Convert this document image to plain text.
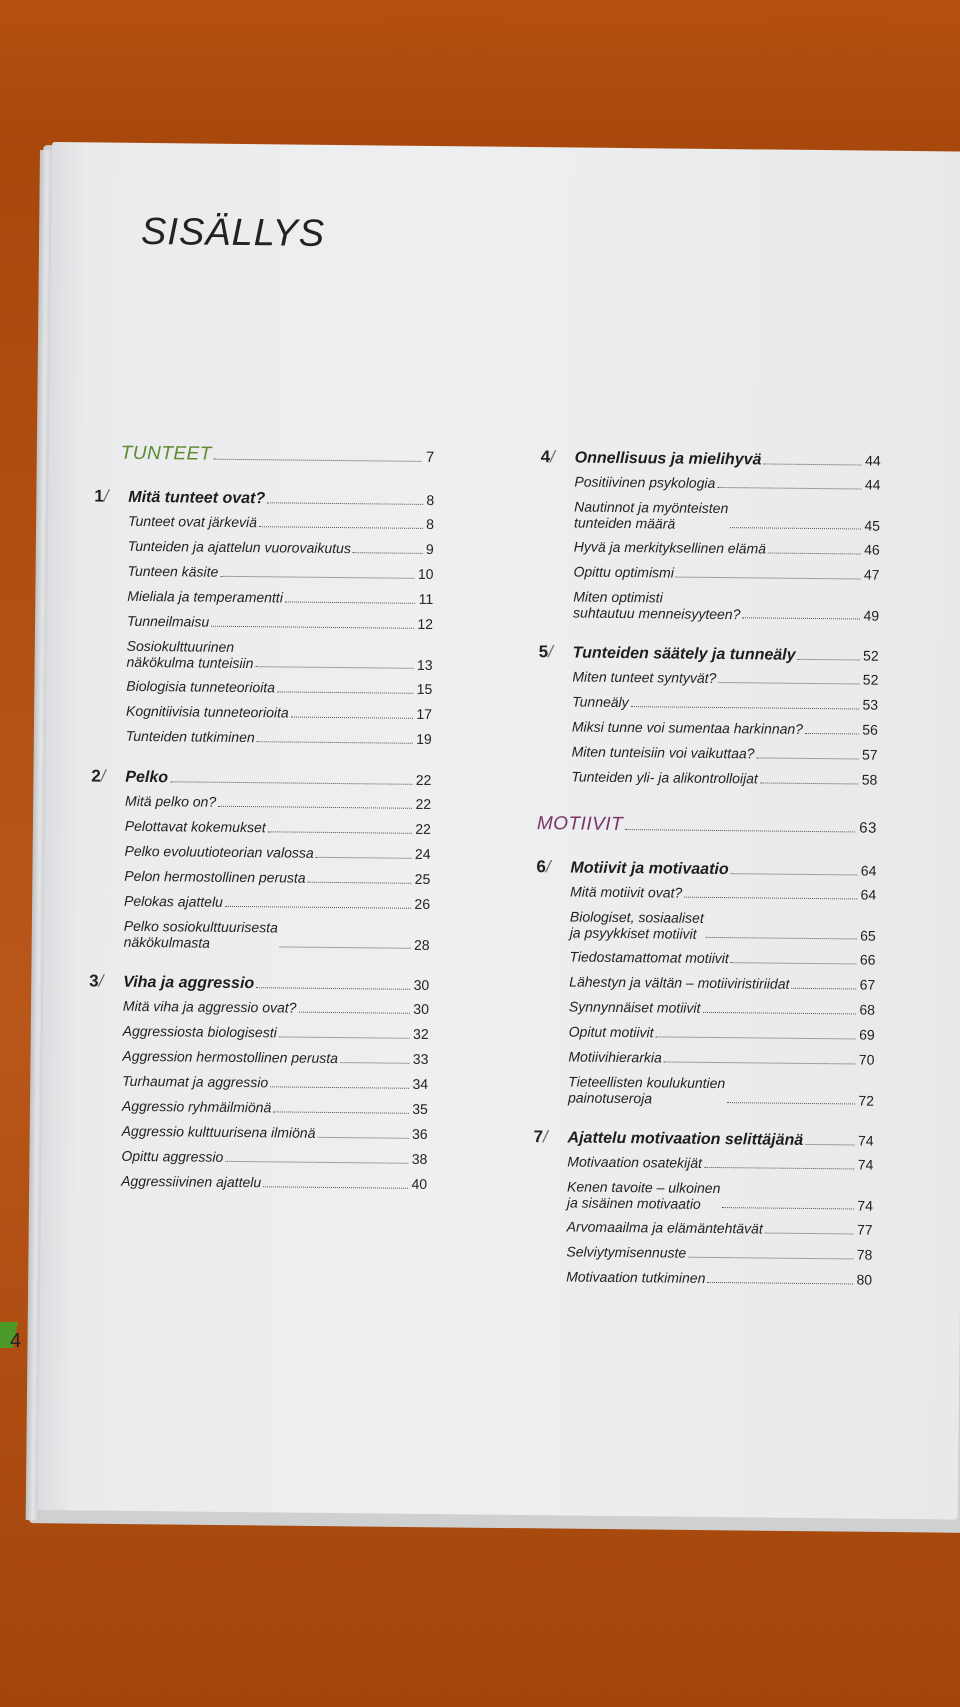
SISÄLLYS
TUNTEET	7
1/	Mitä tunteet ovat?	8
Tunteet ovat järkeviä	8
Tunteiden ja ajattelun vuorovaikutus	9
Tunteen käsite	10
Mieliala ja temperamentti	11
Tunneilmaisu	12
Sosiokulttuurinen
näkökulma tunteisiin	13
Biologisia tunneteorioita	15
Kognitiivisia tunneteorioita	17
Tunteiden tutkiminen	19
2/	Pelko	22
Mitä pelko on?	22
Pelottavat kokemukset	22
Pelko evoluutioteorian valossa	24
Pelon hermostollinen perusta	25
Pelokas ajattelu	26
Pelko sosiokulttuurisesta
näkökulmasta	28
3/	Viha ja aggressio	30
Mitä viha ja aggressio ovat?	30
Aggressiosta biologisesti	32
Aggression hermostollinen perusta	33
Turhaumat ja aggressio	34
Aggressio ryhmäilmiönä	35
Aggressio kulttuurisena ilmiönä	36
Opittu aggressio	38
Aggressiivinen ajattelu	40
4/	Onnellisuus ja mielihyvä	44
Positiivinen psykologia	44
Nautinnot ja myönteisten
tunteiden määrä	45
Hyvä ja merkityksellinen elämä	46
Opittu optimismi	47
Miten optimisti
suhtautuu menneisyyteen?	49
5/	Tunteiden säätely ja tunneäly	52
Miten tunteet syntyvät?	52
Tunneäly	53
Miksi tunne voi sumentaa harkinnan?	56
Miten tunteisiin voi vaikuttaa?	57
Tunteiden yli- ja alikontrolloijat	58
MOTIIVIT	63
6/	Motiivit ja motivaatio	64
Mitä motiivit ovat?	64
Biologiset, sosiaaliset
ja psyykkiset motiivit	65
Tiedostamattomat motiivit	66
Lähestyn ja vältän – motiiviristiriidat	67
Synnynnäiset motiivit	68
Opitut motiivit	69
Motiivihierarkia	70
Tieteellisten koulukuntien
painotuseroja	72
7/	Ajattelu motivaation selittäjänä	74
Motivaation osatekijät	74
Kenen tavoite – ulkoinen
ja sisäinen motivaatio	74
Arvomaailma ja elämäntehtävät	77
Selviytymisennuste	78
Motivaation tutkiminen	80
4
